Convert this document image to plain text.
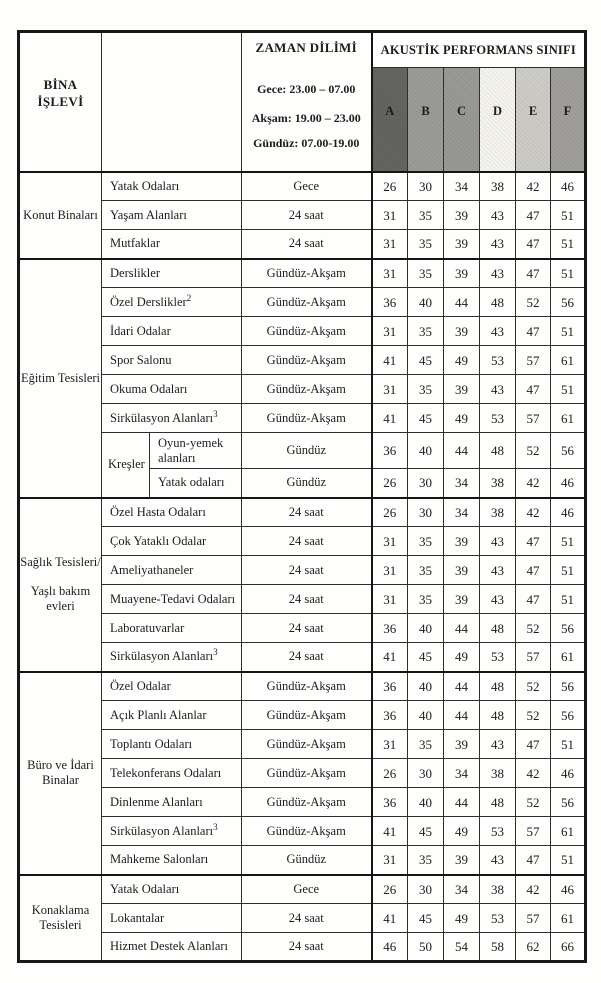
BİNA İŞLEVİ			ZAMAN DİLİMİ
Gece: 23.00 – 07.00
Akşam: 19.00 – 23.00
Gündüz: 07.00-19.00	AKUSTİK PERFORMANS SINIFI					
				A	B	C	D	E	F

Konut Binaları	Yatak Odaları		Gece	26	30	34	38	42	46
	Yaşam Alanları		24 saat	31	35	39	43	47	51
	Mutfaklar		24 saat	31	35	39	43	47	51

Eğitim Tesisleri	Derslikler		Gündüz-Akşam	31	35	39	43	47	51
	Özel Derslikler$^2$		Gündüz-Akşam	36	40	44	48	52	56
	İdari Odalar		Gündüz-Akşam	31	35	39	43	47	51
	Spor Salonu		Gündüz-Akşam	41	45	49	53	57	61
	Okuma Odaları		Gündüz-Akşam	31	35	39	43	47	51
	Sirkülasyon Alanları$^3$		Gündüz-Akşam	41	45	49	53	57	61
	Kreşler	Oyun-yemek alanları	Gündüz	36	40	44	48	52	56
		Yatak odaları	Gündüz	26	30	34	38	42	46

Sağlık Tesisleri/
Yaşlı bakım evleri	Özel Hasta Odaları		24 saat	26	30	34	38	42	46
	Çok Yataklı Odalar		24 saat	31	35	39	43	47	51
	Ameliyathaneler		24 saat	31	35	39	43	47	51
	Muayene-Tedavi Odaları		24 saat	31	35	39	43	47	51
	Laboratuvarlar		24 saat	36	40	44	48	52	56
	Sirkülasyon Alanları$^3$		24 saat	41	45	49	53	57	61

Büro ve İdari Binalar	Özel Odalar		Gündüz-Akşam	36	40	44	48	52	56
	Açık Planlı Alanlar		Gündüz-Akşam	36	40	44	48	52	56
	Toplantı Odaları		Gündüz-Akşam	31	35	39	43	47	51
	Telekonferans Odaları		Gündüz-Akşam	26	30	34	38	42	46
	Dinlenme Alanları		Gündüz-Akşam	36	40	44	48	52	56
	Sirkülasyon Alanları$^3$		Gündüz-Akşam	41	45	49	53	57	61
	Mahkeme Salonları		Gündüz	31	35	39	43	47	51

Konaklama Tesisleri	Yatak Odaları		Gece	26	30	34	38	42	46
	Lokantalar		24 saat	41	45	49	53	57	61
	Hizmet Destek Alanları		24 saat	46	50	54	58	62	66
